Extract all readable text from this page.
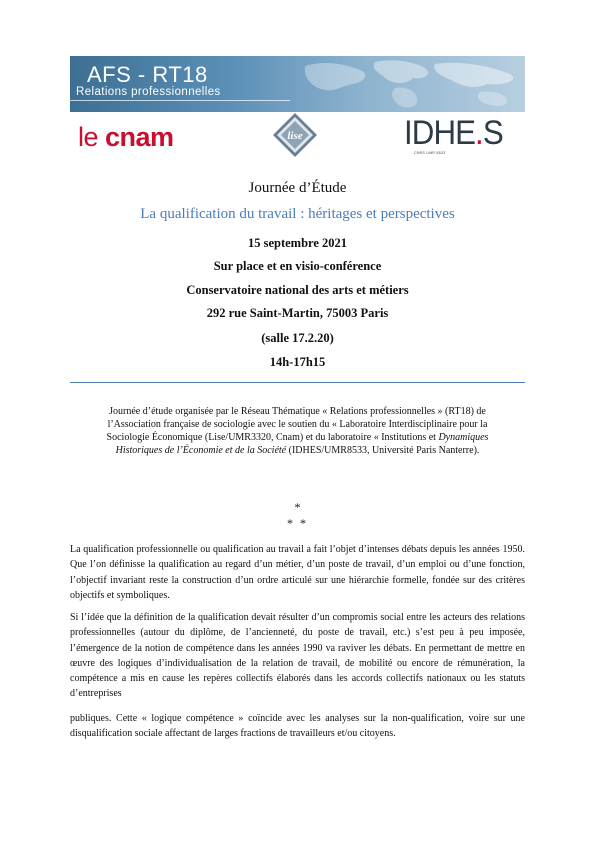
AFS - RT18
Relations professionnelles
le cnam	lise	IDHE.S
CNRS UMR 8533
Journée d’Étude
La qualification du travail : héritages et perspectives
15 septembre 2021
Sur place et en visio-conférence
Conservatoire national des arts et métiers
292 rue Saint-Martin, 75003 Paris
(salle 17.2.20)
14h-17h15
Journée d’étude organisée par le Réseau Thématique « Relations professionnelles » (RT18) de l’Association française de sociologie avec le soutien du « Laboratoire Interdisciplinaire pour la Sociologie Économique (Lise/UMR3320, Cnam) et du laboratoire « Institutions et Dynamiques Historiques de l’Économie et de la Société (IDHES/UMR8533, Université Paris Nanterre).
*
* *

La qualification professionnelle ou qualification au travail a fait l’objet d’intenses débats depuis les années 1950. Que l’on définisse la qualification au regard d’un métier, d’un poste de travail, d’un emploi ou d’une fonction, l’objectif invariant reste la construction d’un ordre articulé sur une hiérarchie formelle, fondée sur des critères objectifs et symboliques.

Si l’idée que la définition de la qualification devait résulter d’un compromis social entre les acteurs des relations professionnelles (autour du diplôme, de l’ancienneté, du poste de travail, etc.) s’est peu à peu imposée, l’émergence de la notion de compétence dans les années 1990 va raviver les débats. En permettant de mettre en œuvre des logiques d’individualisation de la relation de travail, de mobilité ou encore de rémunération, la compétence a mis en cause les repères collectifs élaborés dans les accords collectifs nationaux ou les statuts d’entreprises

publiques. Cette « logique compétence » coïncide avec les analyses sur la non-qualification, voire sur une disqualification sociale affectant de larges fractions de travailleurs et/ou citoyens.
